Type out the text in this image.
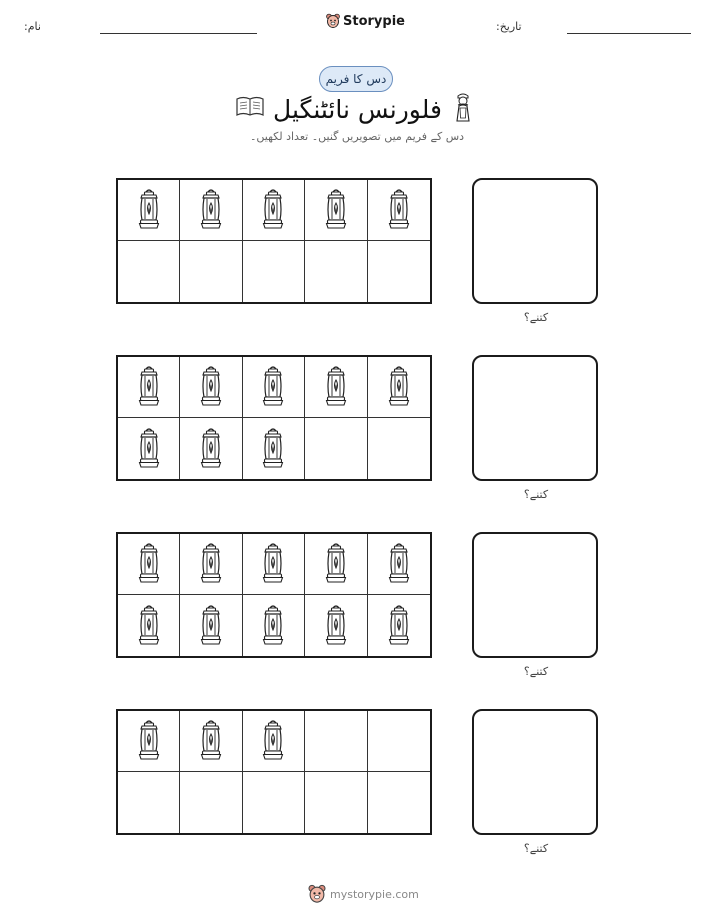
نام:	Storypie	تاریخ:
دس کا فریم
فلورنس نائٹنگیل
دس کے فریم میں تصویریں گنیں۔ تعداد لکھیں۔
کتنے؟
کتنے؟
کتنے؟
کتنے؟
mystorypie.com
